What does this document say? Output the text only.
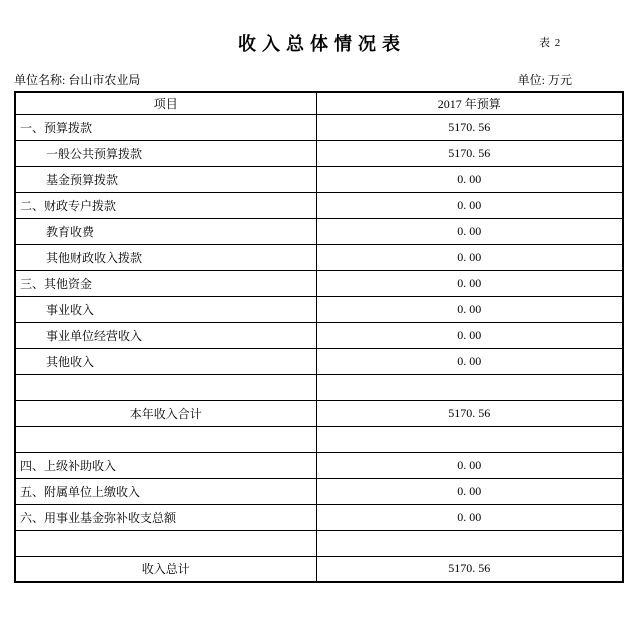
表 2
收入总体情况表
单位名称: 台山市农业局	单位: 万元
项目	2017 年预算
一、预算拨款	5170. 56
一般公共预算拨款	5170. 56
基金预算拨款	0. 00
二、财政专户拨款	0. 00
教育收费	0. 00
其他财政收入拨款	0. 00
三、其他资金	0. 00
事业收入	0. 00
事业单位经营收入	0. 00
其他收入	0. 00

本年收入合计	5170. 56

四、上级补助收入	0. 00
五、附属单位上缴收入	0. 00
六、用事业基金弥补收支总额	0. 00

收入总计	5170. 56
